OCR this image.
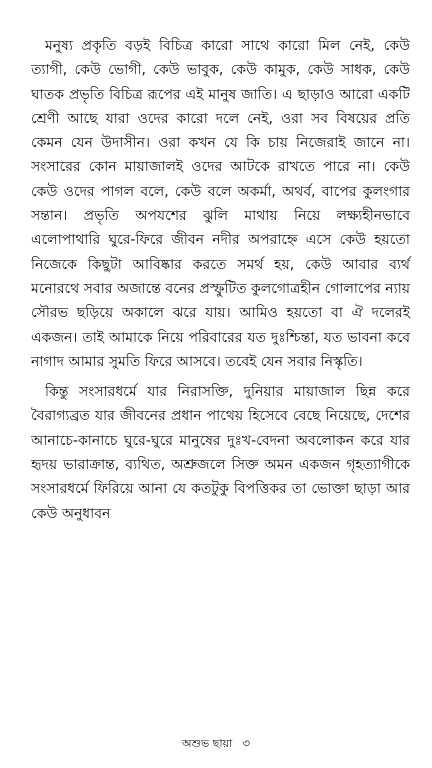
মনুষ্য প্রকৃতি বড়ই বিচিত্র কারো সাথে কারো মিল নেই, কেউ ত্যাগী, কেউ ভোগী, কেউ ভাবুক, কেউ কামুক, কেউ সাধক, কেউ ঘাতক প্রভৃতি বিচিত্র রূপের এই মানুষ জাতি। এ ছাড়াও আরো একটি শ্রেণী আছে যারা ওদের কারো দলে নেই, ওরা সব বিষয়ের প্রতি কেমন যেন উদাসীন। ওরা কখন যে কি চায় নিজেরাই জানে না। সংসারের কোন মায়াজালই ওদের আটকে রাখতে পারে না। কেউ কেউ ওদের পাগল বলে, কেউ বলে অকর্মা, অথর্ব, বাপের কুলংগার সন্তান। প্রভৃতি অপযশের ঝুলি মাথায় নিয়ে লক্ষ্যহীনভাবে এলোপাথারি ঘুরে-ফিরে জীবন নদীর অপরাহ্নে এসে কেউ হয়তো নিজেকে কিছুটা আবিষ্কার করতে সমর্থ হয়, কেউ আবার ব্যর্থ মনোরথে সবার অজান্তে বনের প্রস্ফুটিত কুলগোত্রহীন গোলাপের ন্যায় সৌরভ ছড়িয়ে অকালে ঝরে যায়। আমিও হয়তো বা ঐ দলেরই একজন। তাই আমাকে নিয়ে পরিবারের যত দুঃশ্চিন্তা, যত ভাবনা কবে নাগাদ আমার সুমতি ফিরে আসবে। তবেই যেন সবার নিস্কৃতি।

কিন্তু সংসারধর্মে যার নিরাসক্তি, দুনিয়ার মায়াজাল ছিন্ন করে বৈরাগ্যব্রত যার জীবনের প্রধান পাথেয় হিসেবে বেছে নিয়েছে, দেশের আনাচে-কানাচে ঘুরে-ঘুরে মানুষের দুঃখ-বেদনা অবলোকন করে যার হৃদয় ভারাক্রান্ত, ব্যথিত, অশ্রুজলে সিক্ত অমন একজন গৃহত্যাগীকে সংসারধর্মে ফিরিয়ে আনা যে কতটুকু বিপত্তিকর তা ভোক্তা ছাড়া আর কেউ অনুধাবন

অশুভ ছায়া ৩
